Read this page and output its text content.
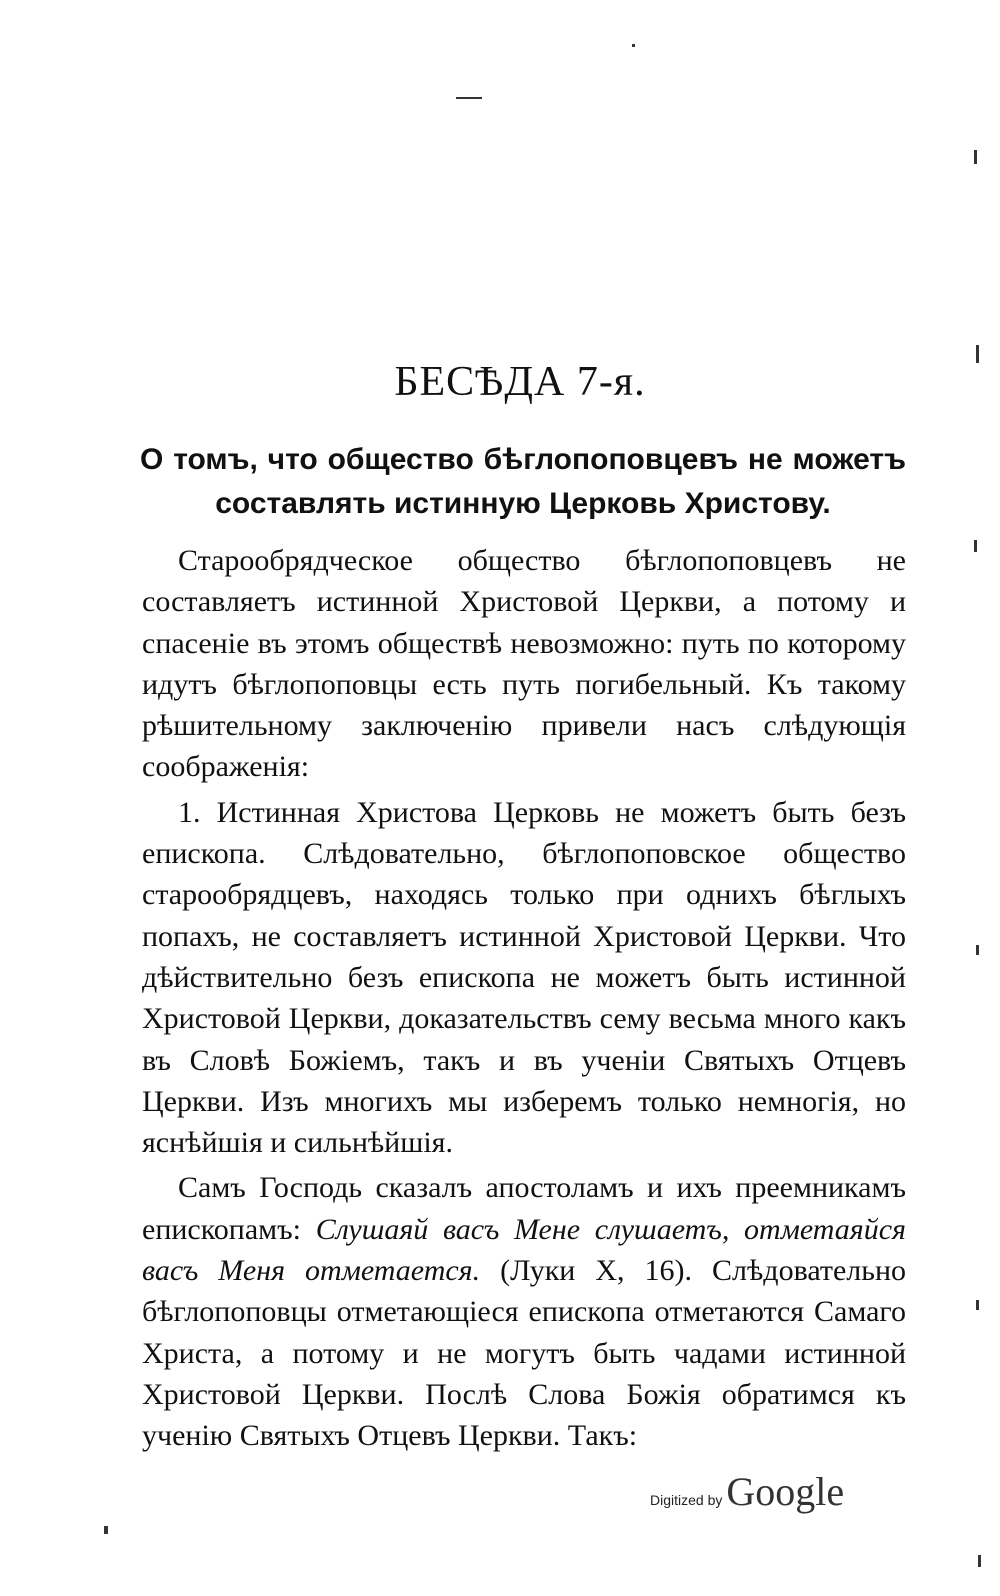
БЕСѢДА 7-я.
О томъ, что общество бѣглопоповцевъ не можетъ составлять истинную Церковь Христову.

Старообрядческое общество бѣглопоповцевъ не составляетъ истинной Христовой Церкви, а потому и спасеніе въ этомъ обществѣ невозможно: путь по которому идутъ бѣглопоповцы есть путь погибельный. Къ такому рѣшительному заключенію привели насъ слѣдующія соображенія:

1. Истинная Христова Церковь не можетъ быть безъ епископа. Слѣдовательно, бѣглопоповское общество старообрядцевъ, находясь только при однихъ бѣглыхъ попахъ, не составляетъ истинной Христовой Церкви. Что дѣйствительно безъ епископа не можетъ быть истинной Христовой Церкви, доказательствъ сему весьма много какъ въ Словѣ Божіемъ, такъ и въ ученіи Святыхъ Отцевъ Церкви. Изъ многихъ мы изберемъ только немногія, но яснѣйшія и сильнѣйшія.

Самъ Господь сказалъ апостоламъ и ихъ преемникамъ епископамъ: Слушаяй васъ Мене слушаетъ, отметаяйся васъ Меня отметается. (Луки X, 16). Слѣдовательно бѣглопоповцы отметающіеся епископа отметаются Самаго Христа, а потому и не могутъ быть чадами истинной Христовой Церкви. Послѣ Слова Божія обратимся къ ученію Святыхъ Отцевъ Церкви. Такъ:

Digitized by Google
